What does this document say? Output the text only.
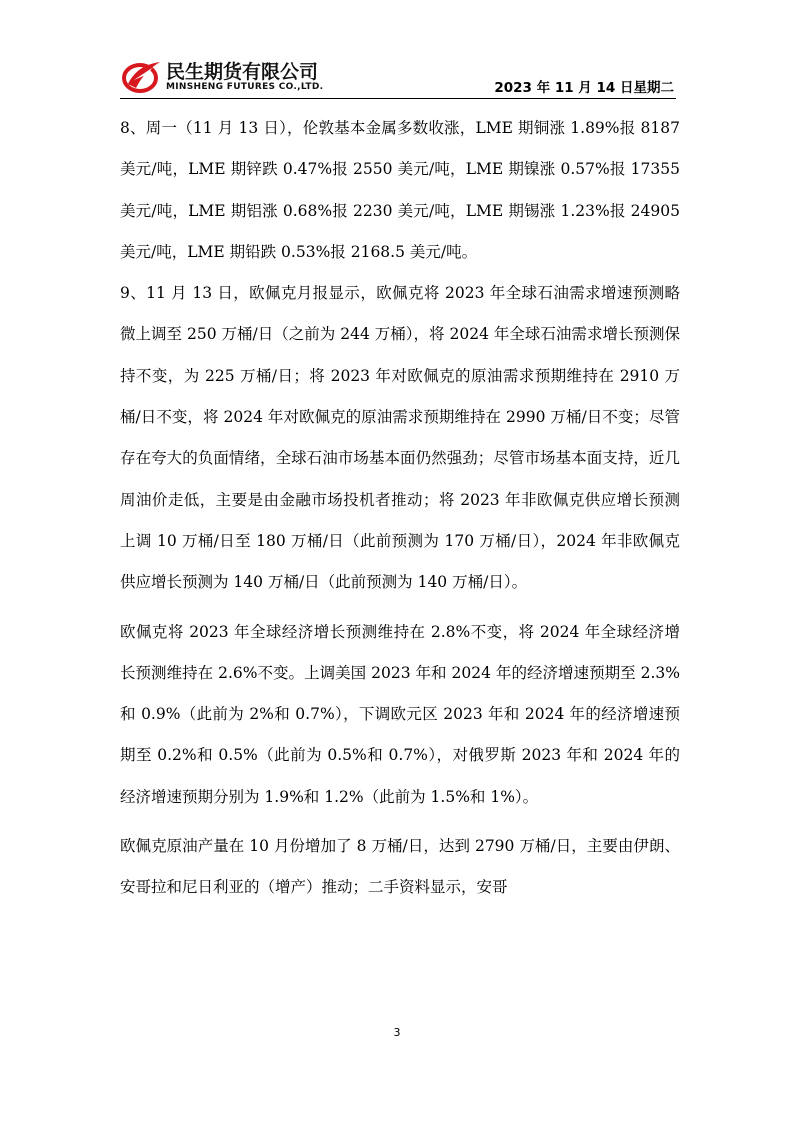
民生期货有限公司
MINSHENG FUTURES CO.,LTD.	2023 年 11 月 14 日星期二

8、周一（11 月 13 日），伦敦基本金属多数收涨，LME 期铜涨 1.89%报 8187 美元/吨，LME 期锌跌 0.47%报 2550 美元/吨，LME 期镍涨 0.57%报 17355 美元/吨，LME 期铝涨 0.68%报 2230 美元/吨，LME 期锡涨 1.23%报 24905 美元/吨，LME 期铅跌 0.53%报 2168.5 美元/吨。

9、11 月 13 日，欧佩克月报显示，欧佩克将 2023 年全球石油需求增速预测略微上调至 250 万桶/日（之前为 244 万桶），将 2024 年全球石油需求增长预测保持不变，为 225 万桶/日；将 2023 年对欧佩克的原油需求预期维持在 2910 万桶/日不变，将 2024 年对欧佩克的原油需求预期维持在 2990 万桶/日不变；尽管存在夸大的负面情绪，全球石油市场基本面仍然强劲；尽管市场基本面支持，近几周油价走低，主要是由金融市场投机者推动；将 2023 年非欧佩克供应增长预测上调 10 万桶/日至 180 万桶/日（此前预测为 170 万桶/日），2024 年非欧佩克供应增长预测为 140 万桶/日（此前预测为 140 万桶/日）。

欧佩克将 2023 年全球经济增长预测维持在 2.8%不变，将 2024 年全球经济增长预测维持在 2.6%不变。上调美国 2023 年和 2024 年的经济增速预期至 2.3%和 0.9%（此前为 2%和 0.7%），下调欧元区 2023 年和 2024 年的经济增速预期至 0.2%和 0.5%（此前为 0.5%和 0.7%），对俄罗斯 2023 年和 2024 年的经济增速预期分别为 1.9%和 1.2%（此前为 1.5%和 1%）。

欧佩克原油产量在 10 月份增加了 8 万桶/日，达到 2790 万桶/日，主要由伊朗、安哥拉和尼日利亚的（增产）推动；二手资料显示，安哥

3
